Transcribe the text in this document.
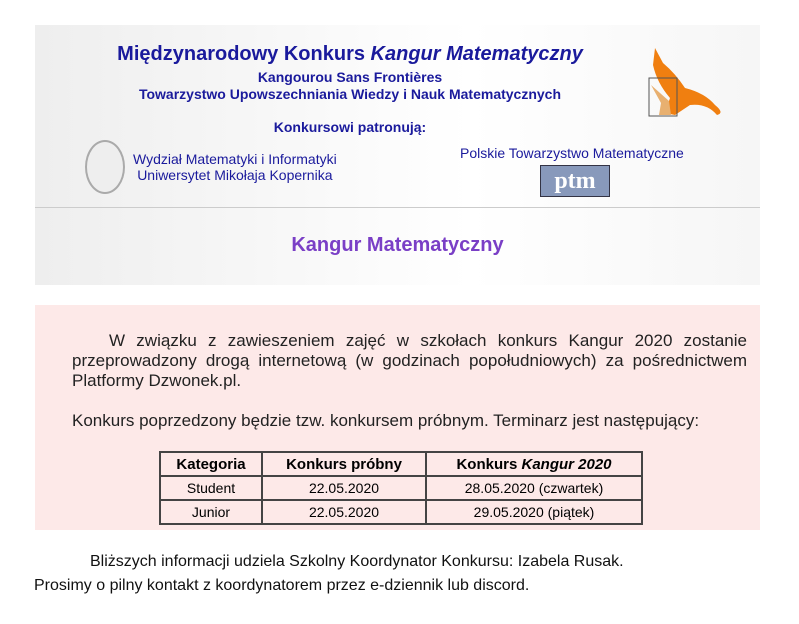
Międzynarodowy Konkurs Kangur Matematyczny
Kangourou Sans Frontières
Towarzystwo Upowszechniania Wiedzy i Nauk Matematycznych
Konkursowi patronują:
Wydział Matematyki i Informatyki
Uniwersytet Mikołaja Kopernika
Polskie Towarzystwo Matematyczne
ptm
Kangur Matematyczny
W związku z zawieszeniem zajęć w szkołach konkurs Kangur 2020 zostanie przeprowadzony drogą internetową (w godzinach popołudniowych) za pośrednictwem Platformy Dzwonek.pl.
Konkurs poprzedzony będzie tzw. konkursem próbnym. Terminarz jest następujący:
Kategoria	Konkurs próbny	Konkurs Kangur 2020
Student	22.05.2020	28.05.2020 (czwartek)
Junior	22.05.2020	29.05.2020 (piątek)
Bliższych informacji udziela Szkolny Koordynator Konkursu: Izabela Rusak.
Prosimy o pilny kontakt z koordynatorem przez e-dziennik lub discord.
